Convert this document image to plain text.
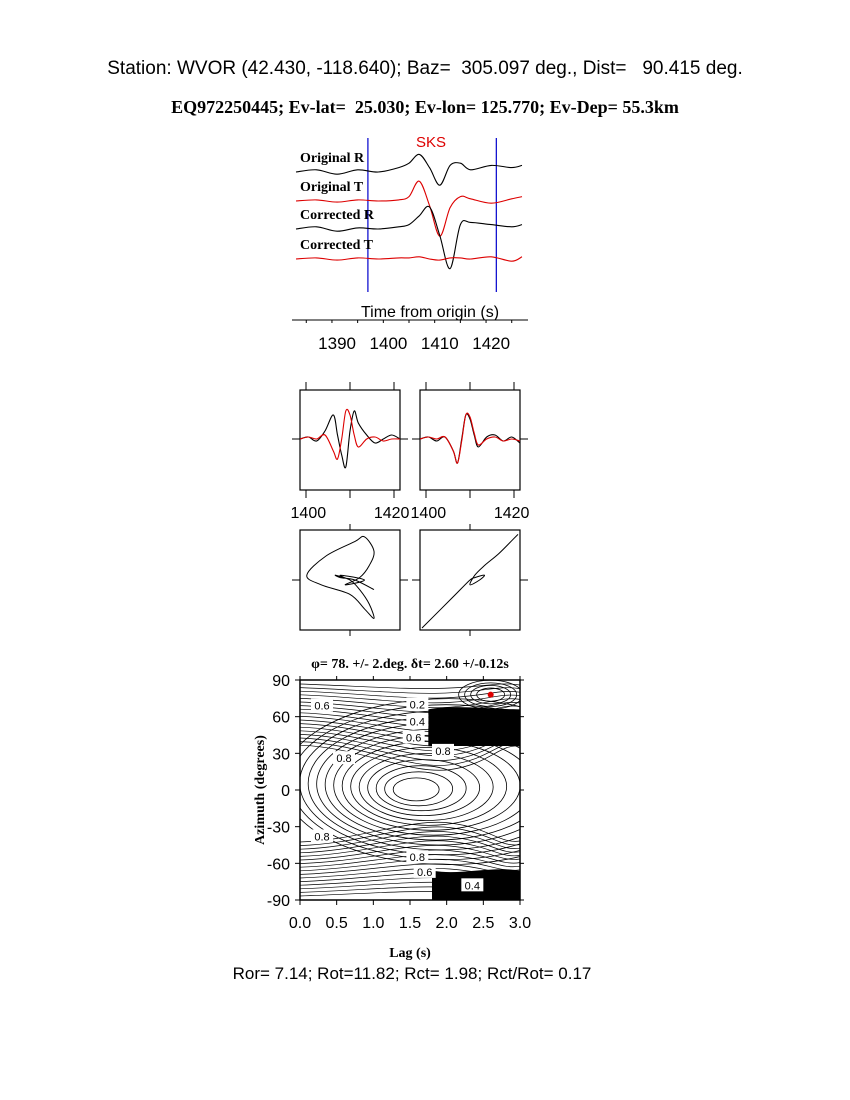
Station: WVOR (42.430, -118.640); Baz=  305.097 deg., Dist=   90.415 deg.
EQ972250445; Ev-lat=  25.030; Ev-lon= 125.770; Ev-Dep= 55.3km
Original R
Original T
Corrected R
Corrected T
SKS
Time from origin (s)
1390 1400 1410 1420
1400	1420 1400	1420
φ= 78. +/- 2.deg. δt= 2.60 +/-0.12s
0.2
0.4
0.6
0.8
0.8
0.6
0.8
0.8
0.6
0.4
90
60
30
0
-30
-60
-90
0.0 0.5 1.0 1.5 2.0 2.5 3.0
Lag (s)
Azimuth (degrees)
Ror= 7.14; Rot=11.82; Rct= 1.98; Rct/Rot= 0.17
